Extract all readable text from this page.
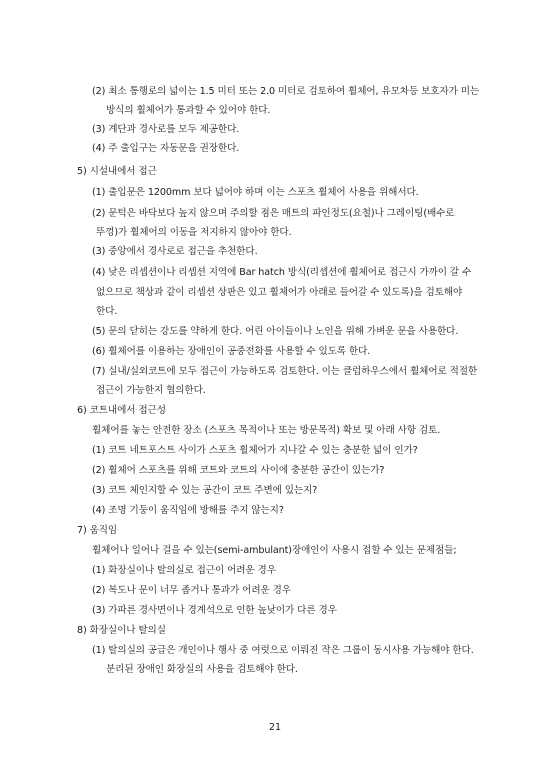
(2) 최소 통행로의 넓이는 1.5 미터 또는 2.0 미터로 검토하여 휠체어, 유모차등 보호자가 미는
방식의 휠체어가 통과할 수 있어야 한다.
(3) 계단과 경사로를 모두 제공한다.
(4) 주 출입구는 자동문을 권장한다.
5) 시설내에서 접근
(1) 출입문은 1200mm 보다 넓어야 하며 이는 스포츠 휠체어 사용을 위해서다.
(2) 문턱은 바닥보다 높지 않으며 주의할 점은 매트의 파인정도(요철)나 그레이팅(배수로
뚜껑)가 휠체어의 이동을 저지하지 않아야 한다.
(3) 중앙에서 경사로로 접근을 추천한다.
(4) 낮은 리셉션이나 리셉션 지역에 Bar hatch 방식(리셉션에 휠체어로 접근시 가까이 갈 수
없으므로 책상과 같이 리셉션 상판은 있고 휠체어가 아래로 들어갈 수 있도록)을 검토해야
한다.
(5) 문의 닫히는 강도를 약하게 한다. 어린 아이들이나 노인을 위해 가벼운 문을 사용한다.
(6) 휠체어를 이용하는 장애인이 공중전화를 사용할 수 있도록 한다.
(7) 실내/실외코트에 모두 접근이 가능하도록 검토한다. 이는 클럽하우스에서 휠체어로 적절한
접근이 가능한지 협의한다.
6) 코트내에서 접근성
휠체어를 놓는 안전한 장소 (스포츠 목적이나 또는 방문목적) 확보 및 아래 사항 검토.
(1) 코트 네트포스트 사이가 스포츠 휠체어가 지나갈 수 있는 충분한 넓이 인가?
(2) 휠체어 스포츠를 위해 코트와 코트의 사이에 충분한 공간이 있는가?
(3) 코트 체인지할 수 있는 공간이 코트 주변에 있는지?
(4) 조명 기둥이 움직임에 방해를 주지 않는지?
7) 움직임
휠체어나 일어나 걸을 수 있는(semi-ambulant)장애인이 사용시 접할 수 있는 문제점들;
(1) 화장실이나 탈의실로 접근이 어려운 경우
(2) 복도나 문이 너무 좁거나 통과가 어려운 경우
(3) 가파른 경사면이나 경계석으로 인한 높낮이가 다른 경우
8) 화장실이나 탈의실
(1) 탈의실의 공급은 개인이나 행사 중 여럿으로 이뤄진 작은 그룹이 동시사용 가능해야 한다.
분리된 장애인 화장실의 사용을 검토해야 한다.
21
